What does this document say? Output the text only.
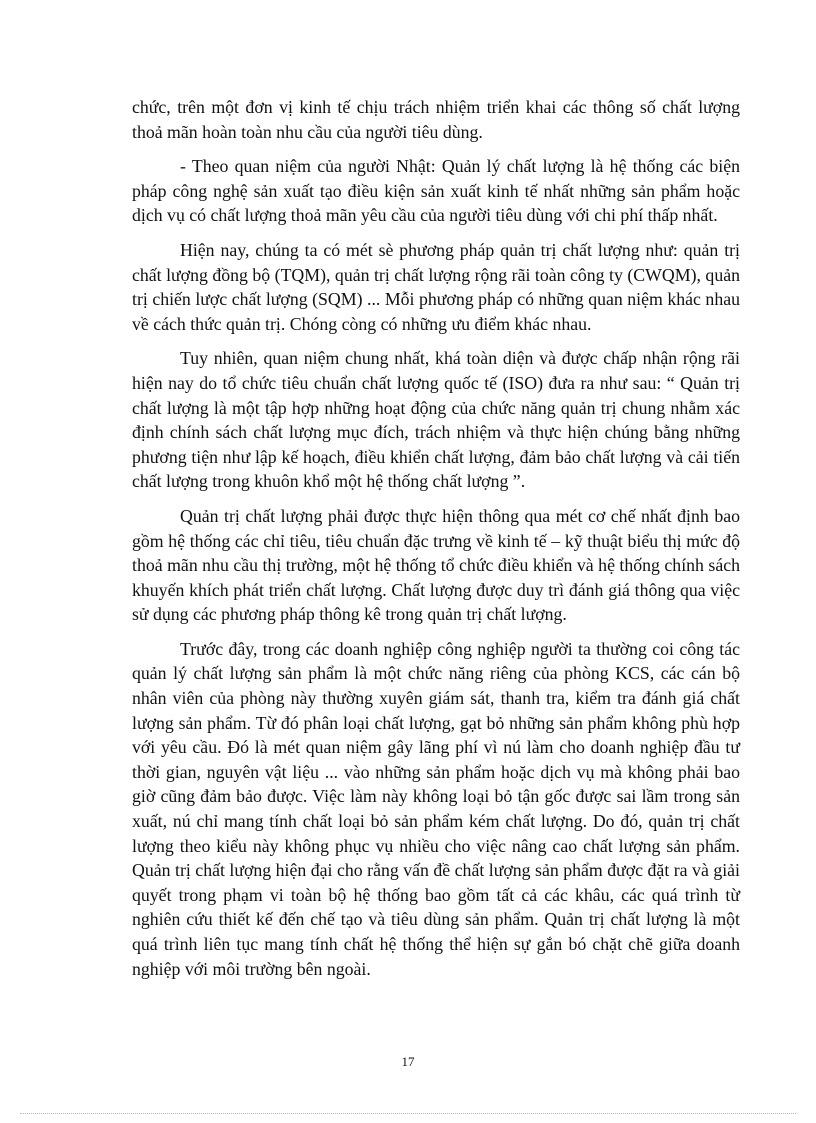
chức, trên một đơn vị kinh tế chịu trách nhiệm triển khai các thông số chất lượng thoả mãn hoàn toàn nhu cầu của người tiêu dùng.

- Theo quan niệm của người Nhật: Quản lý chất lượng là hệ thống các biện pháp công nghệ sản xuất tạo điều kiện sản xuất kinh tế nhất những sản phẩm hoặc dịch vụ có chất lượng thoả mãn yêu cầu của người tiêu dùng với chi phí thấp nhất.

Hiện nay, chúng ta có mét sè phương pháp quản trị chất lượng như: quản trị chất lượng đồng bộ (TQM), quản trị chất lượng rộng rãi toàn công ty (CWQM), quản trị chiến lược chất lượng (SQM) ... Mỗi phương pháp có những quan niệm khác nhau về cách thức quản trị. Chóng còng có những ưu điểm khác nhau.

Tuy nhiên, quan niệm chung nhất, khá toàn diện và được chấp nhận rộng rãi hiện nay do tổ chức tiêu chuẩn chất lượng quốc tế (ISO) đưa ra như sau: “ Quản trị chất lượng là một tập hợp những hoạt động của chức năng quản trị chung nhằm xác định chính sách chất lượng mục đích, trách nhiệm và thực hiện chúng bằng những phương tiện như lập kế hoạch, điều khiển chất lượng, đảm bảo chất lượng và cải tiến chất lượng trong khuôn khổ một hệ thống chất lượng ”.

Quản trị chất lượng phải được thực hiện thông qua mét cơ chế nhất định bao gồm hệ thống các chỉ tiêu, tiêu chuẩn đặc trưng về kinh tế – kỹ thuật biểu thị mức độ thoả mãn nhu cầu thị trường, một hệ thống tổ chức điều khiển và hệ thống chính sách khuyến khích phát triển chất lượng. Chất lượng được duy trì đánh giá thông qua việc sử dụng các phương pháp thông kê trong quản trị chất lượng.

Trước đây, trong các doanh nghiệp công nghiệp người ta thường coi công tác quản lý chất lượng sản phẩm là một chức năng riêng của phòng KCS, các cán bộ nhân viên của phòng này thường xuyên giám sát, thanh tra, kiểm tra đánh giá chất lượng sản phẩm. Từ đó phân loại chất lượng, gạt bỏ những sản phẩm không phù hợp với yêu cầu. Đó là mét quan niệm gây lãng phí vì nú làm cho doanh nghiệp đầu tư thời gian, nguyên vật liệu ... vào những sản phẩm hoặc dịch vụ mà không phải bao giờ cũng đảm bảo được. Việc làm này không loại bỏ tận gốc được sai lầm trong sản xuất, nú chỉ mang tính chất loại bỏ sản phẩm kém chất lượng. Do đó, quản trị chất lượng theo kiểu này không phục vụ nhiều cho việc nâng cao chất lượng sản phẩm. Quản trị chất lượng hiện đại cho rằng vấn đề chất lượng sản phẩm được đặt ra và giải quyết trong phạm vi toàn bộ hệ thống bao gồm tất cả các khâu, các quá trình từ nghiên cứu thiết kế đến chế tạo và tiêu dùng sản phẩm. Quản trị chất lượng là một quá trình liên tục mang tính chất hệ thống thể hiện sự gắn bó chặt chẽ giữa doanh nghiệp với môi trường bên ngoài.

17
